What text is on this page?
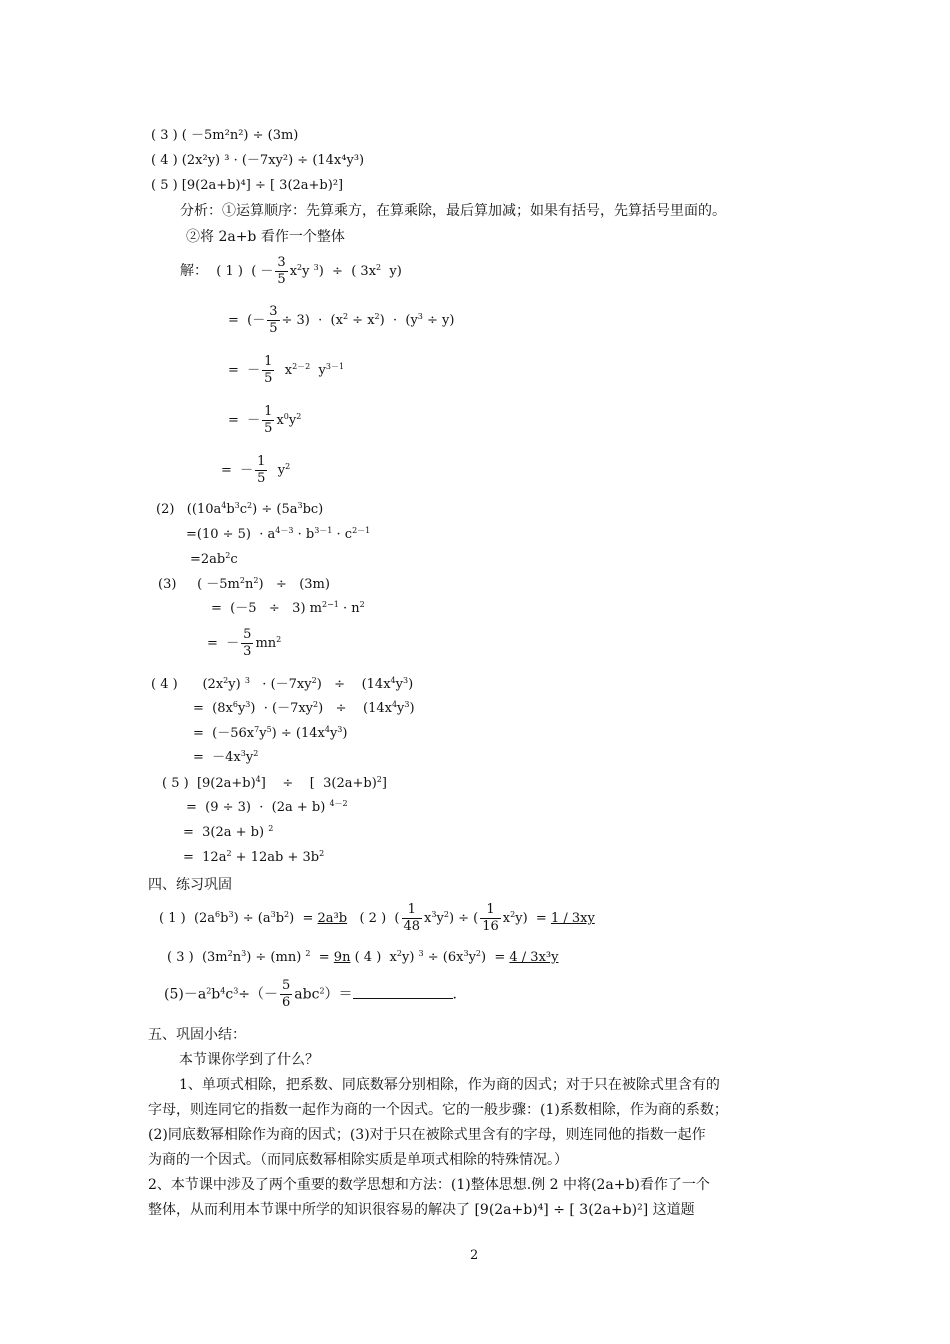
( 3 ) ( －5m²n²) ÷ (3m)
( 4 ) (2x²y) ³ · (－7xy²) ÷ (14x⁴y³)
( 5 ) [9(2a+b)⁴] ÷ [ 3(2a+b)²]
分析：①运算顺序：先算乘方，在算乘除，最后算加减；如果有括号，先算括号里面的。
②将 2a+b 看作一个整体
解：  ( 1 )  ( － $\frac{3}{5} x^2y$ $^3$)  ÷  ( $3x^2$  y)
=  (－ $\frac{3}{5} \div 3) \cdot (x^2 \div x^2) \cdot (y^3 \div y)$
=  － $\frac{1}{5} x^{2-2}$  $y^{3-1}$
=  － $\frac{1}{5} x^0y^2$
=  － $\frac{1}{5} y^2$
(2)   ($(10a^4b^3c^2) \div (5a^3bc)$
$=(10 \div 5) \cdot a^{4-3} \cdot b^{3-1} \cdot c^{2-1}$
$=2ab^2c$
(3)     ( $-5m^2n^2) \div (3m)$
=  (－5   ÷   3) $m^{2-1} \cdot n^2$
=  － $\frac{5}{3} mn^2$
( 4 )      $(2x^2y) ^3 \cdot (-7xy^2)$   ÷    $(14x^4y^3)$
=  $(8x^6y^3) \cdot (-7xy^2)$   ÷    $(14x^4y^3)$
=  $(-56x^7y^5) \div (14x^4y^3)$
=  $-4x^3y^2$
( 5 )  $[9(2a+b)^4]$    ÷    [  $3(2a+b)^2$]
=  (9 ÷ 3)  ·  (2a + b) $^{4-2}$
=  3(2a + b) $^2$
=  $12a^2 + 12ab + 3b^2$
四、练习巩固
( 1 )  $(2a^6b^3) \div (a^3b^2) = 2a^3b$   ( 2 )  ( $\frac{1}{48} x^3y^2$) ÷ ( $\frac{1}{16} x^2y) = 1 / 3xy$
( 3 )  $(3m^2n^3) \div (mn) ^2 = 9n$ ( 4 )  $x^2y$) $^3 \div (6x^3y^2) = 4 / 3x^3y$
$(5)-a^2b^4c^3\div(- \frac{5}{6} abc^2)=$	.
五、巩固小结：
本节课你学到了什么？
1、单项式相除，把系数、同底数幂分别相除，作为商的因式；对于只在被除式里含有的
字母，则连同它的指数一起作为商的一个因式。它的一般步骤：(1)系数相除，作为商的系数；
(2)同底数幂相除作为商的因式；(3)对于只在被除式里含有的字母，则连同他的指数一起作
为商的一个因式。（而同底数幂相除实质是单项式相除的特殊情况。）
2、本节课中涉及了两个重要的数学思想和方法：(1)整体思想.例 2 中将(2a+b)看作了一个
整体，从而利用本节课中所学的知识很容易的解决了 [9(2a+b)⁴] ÷ [ 3(2a+b)²] 这道题
2
